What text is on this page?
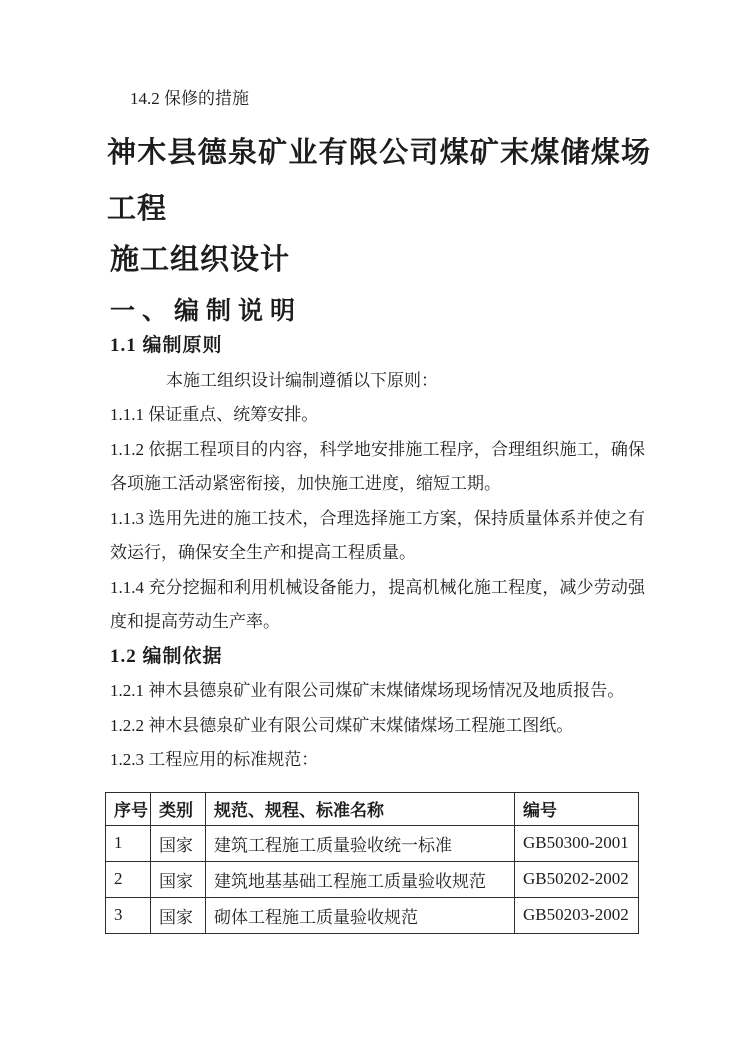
14.2 保修的措施

神木县德泉矿业有限公司煤矿末煤储煤场工程
施工组织设计
一、编制说明
1.1 编制原则

本施工组织设计编制遵循以下原则：

1.1.1 保证重点、统筹安排。

1.1.2 依据工程项目的内容，科学地安排施工程序，合理组织施工，确保各项施工活动紧密衔接，加快施工进度，缩短工期。

1.1.3 选用先进的施工技术，合理选择施工方案，保持质量体系并使之有效运行，确保安全生产和提高工程质量。

1.1.4 充分挖掘和利用机械设备能力，提高机械化施工程度，减少劳动强度和提高劳动生产率。

1.2 编制依据

1.2.1 神木县德泉矿业有限公司煤矿末煤储煤场现场情况及地质报告。

1.2.2 神木县德泉矿业有限公司煤矿末煤储煤场工程施工图纸。

1.2.3 工程应用的标准规范：

序号	类别	规范、规程、标准名称	编号
1	国家	建筑工程施工质量验收统一标准	GB50300-2001
2	国家	建筑地基基础工程施工质量验收规范	GB50202-2002
3	国家	砌体工程施工质量验收规范	GB50203-2002
